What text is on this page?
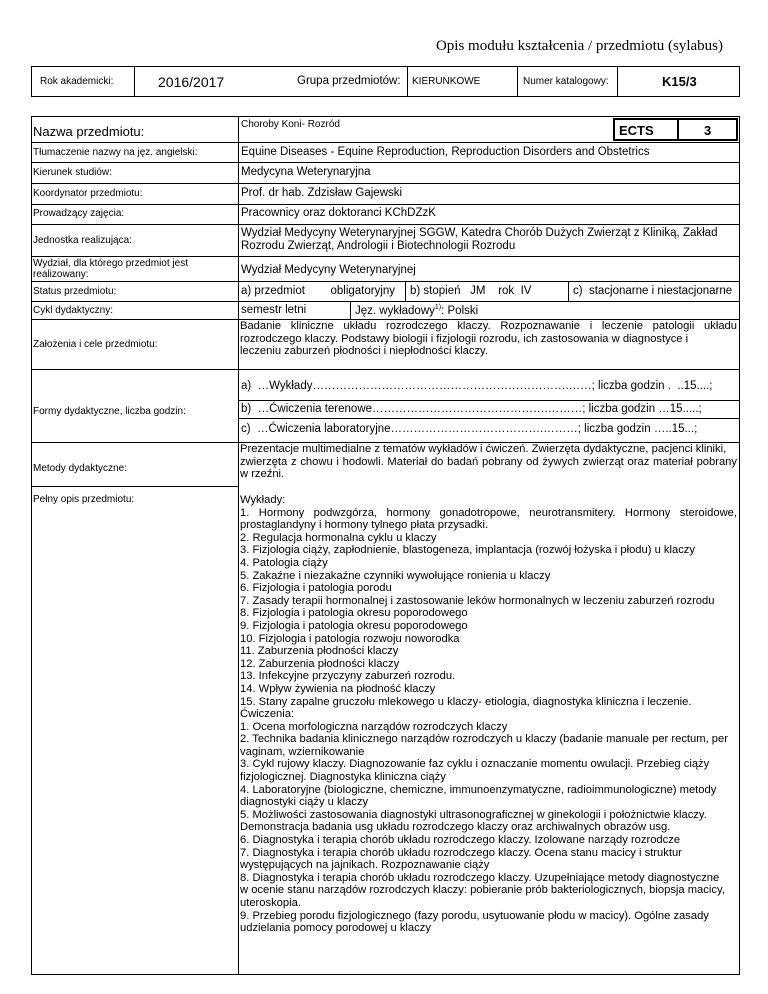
Opis modułu kształcenia / przedmiotu (sylabus)
Rok akademicki:	2016/2017	Grupa przedmiotów: KIERUNKOWE	Numer katalogowy:	K15/3
ECTS	3
Nazwa przedmiotu:	Choroby Koni- Rozród
Tłumaczenie nazwy na jęz. angielski:	Equine Diseases - Equine Reproduction, Reproduction Disorders and Obstetrics
Kierunek studiów:	Medycyna Weterynaryjna
Koordynator przedmiotu:	Prof. dr hab. Zdzisław Gajewski
Prowadzący zajęcia:	Pracownicy oraz doktoranci KChDZzK
Jednostka realizująca:
Wydział Medycyny Weterynaryjnej SGGW, Katedra Chorób Dużych Zwierząt z Kliniką, Zakład Rozrodu Zwierząt, Andrologii i Biotechnologii Rozrodu
Wydział, dla którego przedmiot jest realizowany:	Wydział Medycyny Weterynaryjnej
Status przedmiotu:	a) przedmiot        obligatoryjny b) stopień   JM    rok  IV	c)  stacjonarne i niestacjonarne
Cykl dydaktyczny:	semestr letni	Jęz. wykładowy$^{1)}$: Polski
Założenia i cele przedmiotu:

Badanie kliniczne układu rozrodczego klaczy. Rozpoznawanie i leczenie patologii układu rozrodczego klaczy. Podstawy biologii i fizjologii rozrodu, ich zastosowania w diagnostyce i

leczeniu zaburzeń płodności i niepłodności klaczy.

Formy dydaktyczne, liczba godzin:
a)  …Wykłady………………………………………………………….……; liczba godzin .  ..15....;
b)  …Ćwiczenia terenowe……………………………………….………; liczba godzin …15.....;
c)  …Ćwiczenia laboratoryjne………………………………….………; liczba godzin …..15...;
Metody dydaktyczne:

Prezentacje multimedialne z tematów wykładów i ćwiczeń. Zwierzęta dydaktyczne, pacjenci kliniki,

zwierzęta z chowu i hodowli. Materiał do badań pobrany od żywych zwierząt oraz materiał pobrany w rzeźni.

Pełny opis przedmiotu:	Wykłady:

1. Hormony podwzgórza, hormony gonadotropowe, neurotransmitery. Hormony steroidowe, prostaglandyny i hormony tylnego płata przysadki.

2. Regulacja hormonalna cyklu u klaczy

3. Fizjologia ciąży, zapłodnienie, blastogeneza, implantacja (rozwój łożyska i płodu) u klaczy

4. Patologia ciąży

5. Zakaźne i niezakaźne czynniki wywołujące ronienia u klaczy

6. Fizjologia i patologia porodu

7. Zasady terapii hormonalnej i zastosowanie leków hormonalnych w leczeniu zaburzeń rozrodu

8. Fizjologia i patologia okresu poporodowego

9. Fizjologia i patologia okresu poporodowego

10. Fizjologia i patologia rozwoju noworodka

11. Zaburzenia płodności klaczy

12. Zaburzenia płodności klaczy

13. Infekcyjne przyczyny zaburzeń rozrodu.

14. Wpływ żywienia na płodność klaczy

15. Stany zapalne gruczołu mlekowego u klaczy- etiologia, diagnostyka kliniczna i leczenie.

Ćwiczenia:

1. Ocena morfologiczna narządów rozrodczych klaczy

2. Technika badania klinicznego narządów rozrodczych u klaczy (badanie manuale per rectum, per vaginam, wziernikowanie

3. Cykl rujowy klaczy. Diagnozowanie faz cyklu i oznaczanie momentu owulacji. Przebieg ciąży fizjologicznej. Diagnostyka kliniczna ciąży

4. Laboratoryjne (biologiczne, chemiczne, immunoenzymatyczne, radioimmunologiczne) metody

diagnostyki ciąży u klaczy

5. Możliwości zastosowania diagnostyki ultrasonograficznej w ginekologii i położnictwie klaczy. Demonstracja badania usg układu rozrodczego klaczy oraz archiwalnych obrazów usg.

6. Diagnostyka i terapia chorób układu rozrodczego klaczy. Izolowane narządy rozrodcze

7. Diagnostyka i terapia chorób układu rozrodczego klaczy. Ocena stanu macicy i struktur występujących na jajnikach. Rozpoznawanie ciąży

8. Diagnostyka i terapia chorób układu rozrodczego klaczy. Uzupełniające metody diagnostyczne

w ocenie stanu narządów rozrodczych klaczy: pobieranie prób bakteriologicznych, biopsja macicy, uteroskopia.

9. Przebieg porodu fizjologicznego (fazy porodu, usytuowanie płodu w macicy). Ogólne zasady udzielania pomocy porodowej u klaczy
